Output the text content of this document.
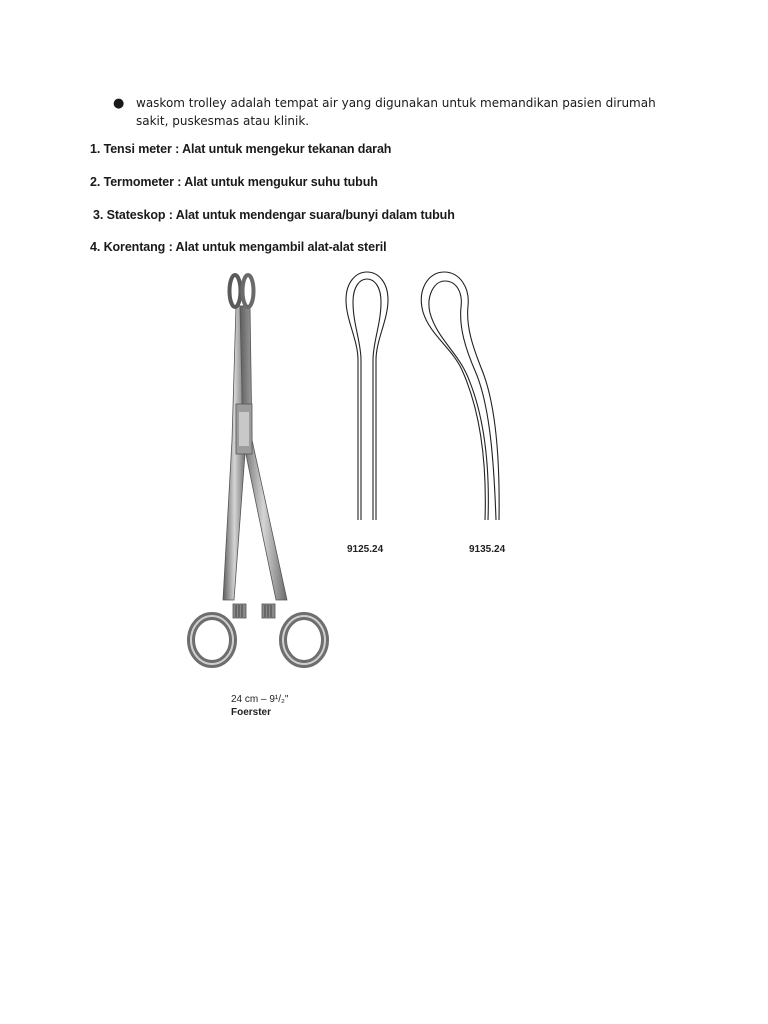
● waskom trolley adalah tempat air yang digunakan untuk memandikan pasien dirumah sakit, puskesmas atau klinik.
1. Tensi meter : Alat untuk mengekur tekanan darah
2. Termometer : Alat untuk mengukur suhu tubuh
3. Stateskop : Alat untuk mendengar suara/bunyi dalam tubuh
4. Korentang : Alat untuk mengambil alat-alat steril
9125.24	9135.24
24 cm – 9¹/₂"
Foerster
